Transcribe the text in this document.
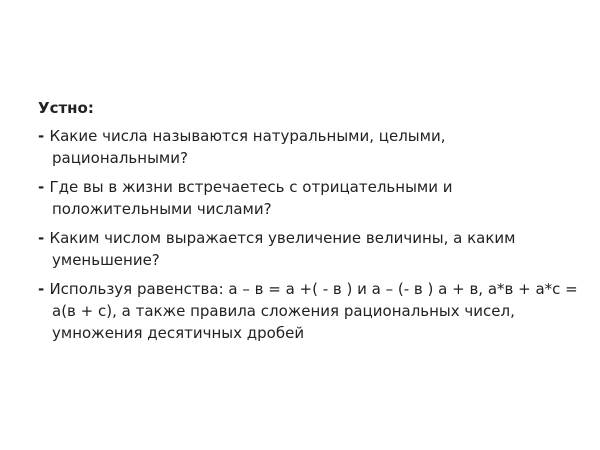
Устно:
- Какие числа называются натуральными, целыми, рациональными?
- Где вы в жизни встречаетесь с отрицательными и положительными числами?
- Каким числом выражается увеличение величины, а каким уменьшение?
- Используя равенства: а – в = а +( - в ) и а – (- в ) а + в, а*в + а*с = а(в + с), а также правила сложения рациональных чисел, умножения десятичных дробей
